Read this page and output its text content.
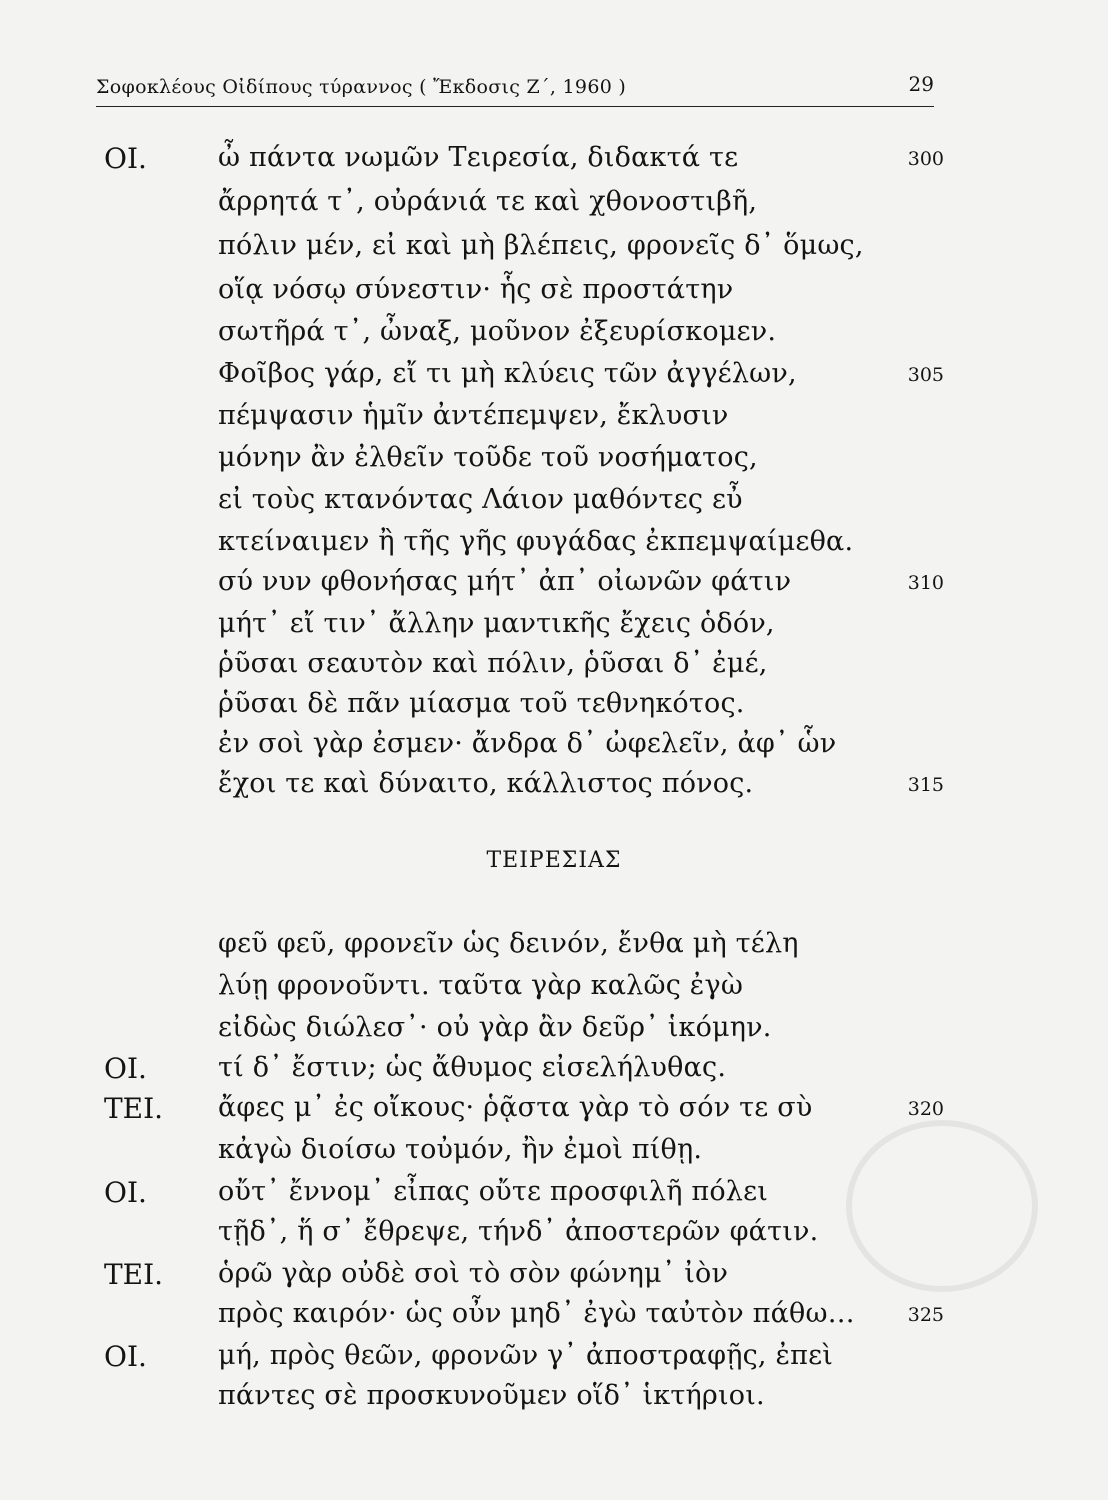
Σοφοκλέους Οἰδίπους τύραννος ( Ἔκδοσις Ζ΄, 1960 )	29
ΟΙ.	ὦ πάντα νωμῶν Τειρεσία, διδακτά τε	300
ἄρρητά τ᾽, οὐράνιά τε καὶ χθονοστιβῆ,
πόλιν μέν, εἰ καὶ μὴ βλέπεις, φρονεῖς δ᾽ ὅμως,
οἵᾳ νόσῳ σύνεστιν· ἧς σὲ προστάτην
σωτῆρά τ᾽, ὦναξ, μοῦνον ἐξευρίσκομεν.
Φοῖβος γάρ, εἴ τι μὴ κλύεις τῶν ἀγγέλων,	305
πέμψασιν ἡμῖν ἀντέπεμψεν, ἔκλυσιν
μόνην ἂν ἐλθεῖν τοῦδε τοῦ νοσήματος,
εἰ τοὺς κτανόντας Λάιον μαθόντες εὖ
κτείναιμεν ἢ τῆς γῆς φυγάδας ἐκπεμψαίμεθα.
σύ νυν φθονήσας μήτ᾽ ἀπ᾽ οἰωνῶν φάτιν	310
μήτ᾽ εἴ τιν᾽ ἄλλην μαντικῆς ἔχεις ὁδόν,
ῥῦσαι σεαυτὸν καὶ πόλιν, ῥῦσαι δ᾽ ἐμέ,
ῥῦσαι δὲ πᾶν μίασμα τοῦ τεθνηκότος.
ἐν σοὶ γὰρ ἐσμεν· ἄνδρα δ᾽ ὠφελεῖν, ἀφ᾽ ὧν
ἔχοι τε καὶ δύναιτο, κάλλιστος πόνος.	315
ΤΕΙΡΕΣΙΑΣ
φεῦ φεῦ, φρονεῖν ὡς δεινόν, ἔνθα μὴ τέλη
λύῃ φρονοῦντι. ταῦτα γὰρ καλῶς ἐγὼ
εἰδὼς διώλεσ᾽· οὐ γὰρ ἂν δεῦρ᾽ ἱκόμην.
ΟΙ.	τί δ᾽ ἔστιν; ὡς ἄθυμος εἰσελήλυθας.
ΤΕΙ. ἄφες μ᾽ ἐς οἴκους· ῥᾷστα γὰρ τὸ σόν τε σὺ	320
κἀγὼ διοίσω τοὐμόν, ἢν ἐμοὶ πίθῃ.
ΟΙ.	οὔτ᾽ ἔννομ᾽ εἶπας οὔτε προσφιλῆ πόλει
τῇδ᾽, ἥ σ᾽ ἔθρεψε, τήνδ᾽ ἀποστερῶν φάτιν.
ΤΕΙ. ὁρῶ γὰρ οὐδὲ σοὶ τὸ σὸν φώνημ᾽ ἰὸν
πρὸς καιρόν· ὡς οὖν μηδ᾽ ἐγὼ ταὐτὸν πάθω…	325
ΟΙ.	μή, πρὸς θεῶν, φρονῶν γ᾽ ἀποστραφῇς, ἐπεὶ
πάντες σὲ προσκυνοῦμεν οἵδ᾽ ἱκτήριοι.
